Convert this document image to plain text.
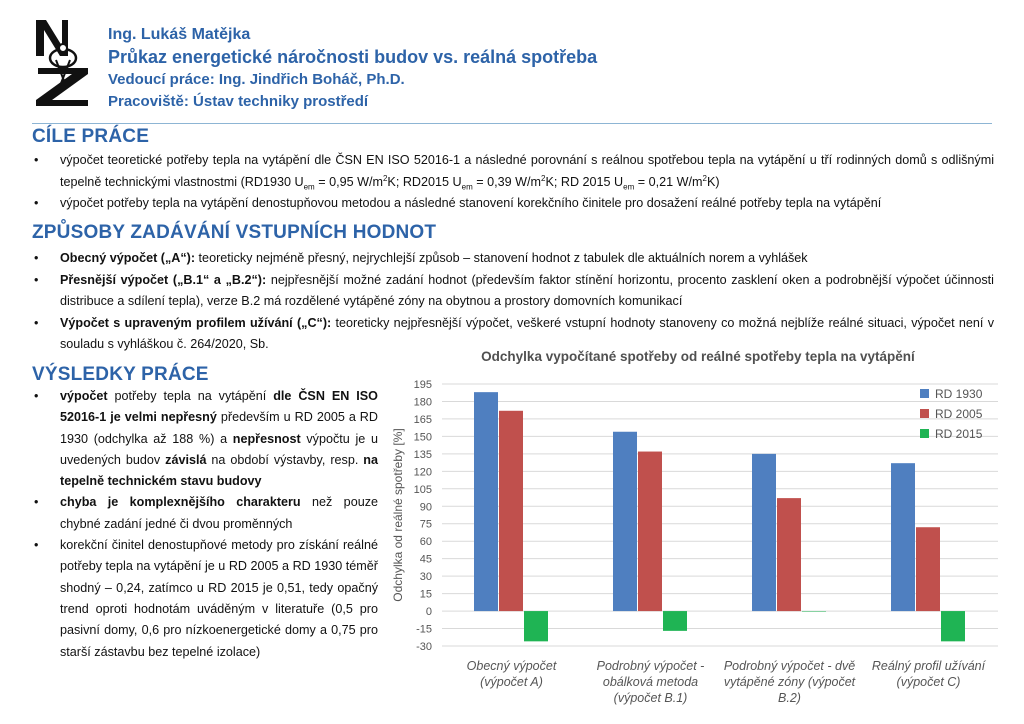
Ing. Lukáš Matějka
Průkaz energetické náročnosti budov vs. reálná spotřeba
Vedoucí práce: Ing. Jindřich Boháč, Ph.D.
Pracoviště: Ústav techniky prostředí
CÍLE PRÁCE
• výpočet teoretické potřeby tepla na vytápění dle ČSN EN ISO 52016-1 a následné porovnání s reálnou spotřebou tepla na vytápění u tří rodinných domů s odlišnými tepelně technickými vlastnostmi (RD1930 $U_{em} = 0,95$ $W/m^2K$; RD2015 $U_{em} = 0,39$ $W/m^2K$; RD 2015 $U_{em} = 0,21$ $W/m^2K$)
• výpočet potřeby tepla na vytápění denostupňovou metodou a následné stanovení korekčního činitele pro dosažení reálné potřeby tepla na vytápění
ZPŮSOBY ZADÁVÁNÍ VSTUPNÍCH HODNOT
• Obecný výpočet („A“): teoreticky nejméně přesný, nejrychlejší způsob – stanovení hodnot z tabulek dle aktuálních norem a vyhlášek
• Přesnější výpočet („B.1“ a „B.2“): nejpřesnější možné zadání hodnot (především faktor stínění horizontu, procento zasklení oken a podrobnější výpočet účinnosti distribuce a sdílení tepla), verze B.2 má rozdělené vytápěné zóny na obytnou a prostory domovních komunikací
• Výpočet s upraveným profilem užívání („C“): teoreticky nejpřesnější výpočet, veškeré vstupní hodnoty stanoveny co možná nejblíže reálné situaci, výpočet není v souladu s vyhláškou č. 264/2020, Sb.
VÝSLEDKY PRÁCE
• výpočet potřeby tepla na vytápění dle ČSN EN ISO 52016-1 je velmi nepřesný především u RD 2005 a RD 1930 (odchylka až 188 %) a nepřesnost výpočtu je u uvedených budov závislá na období výstavby, resp. na tepelně technickém stavu budovy
• chyba je komplexnějšího charakteru než pouze chybné zadání jedné či dvou proměnných
• korekční činitel denostupňové metody pro získání reálné potřeby tepla na vytápění je u RD 2005 a RD 1930 téměř shodný – 0,24, zatímco u RD 2015 je 0,51, tedy opačný trend oproti hodnotám uváděným v literatuře (0,5 pro pasivní domy, 0,6 pro nízkoenergetické domy a 0,75 pro starší zástavbu bez tepelné izolace)
Odchylka vypočítané spotřeby od reálné spotřeby tepla na vytápění
195
180
165
150
135
120
105
90
75
60
45
30
15
0
-15
-30
Odchylka od reálné spotřeby [%]
Obecný výpočet
(výpočet A)
Podrobný výpočet -
obálková metoda
(výpočet B.1)
Podrobný výpočet - dvě
vytápěné zóny (výpočet
B.2)
Reálný profil užívání
(výpočet C)
RD 1930
RD 2005
RD 2015
